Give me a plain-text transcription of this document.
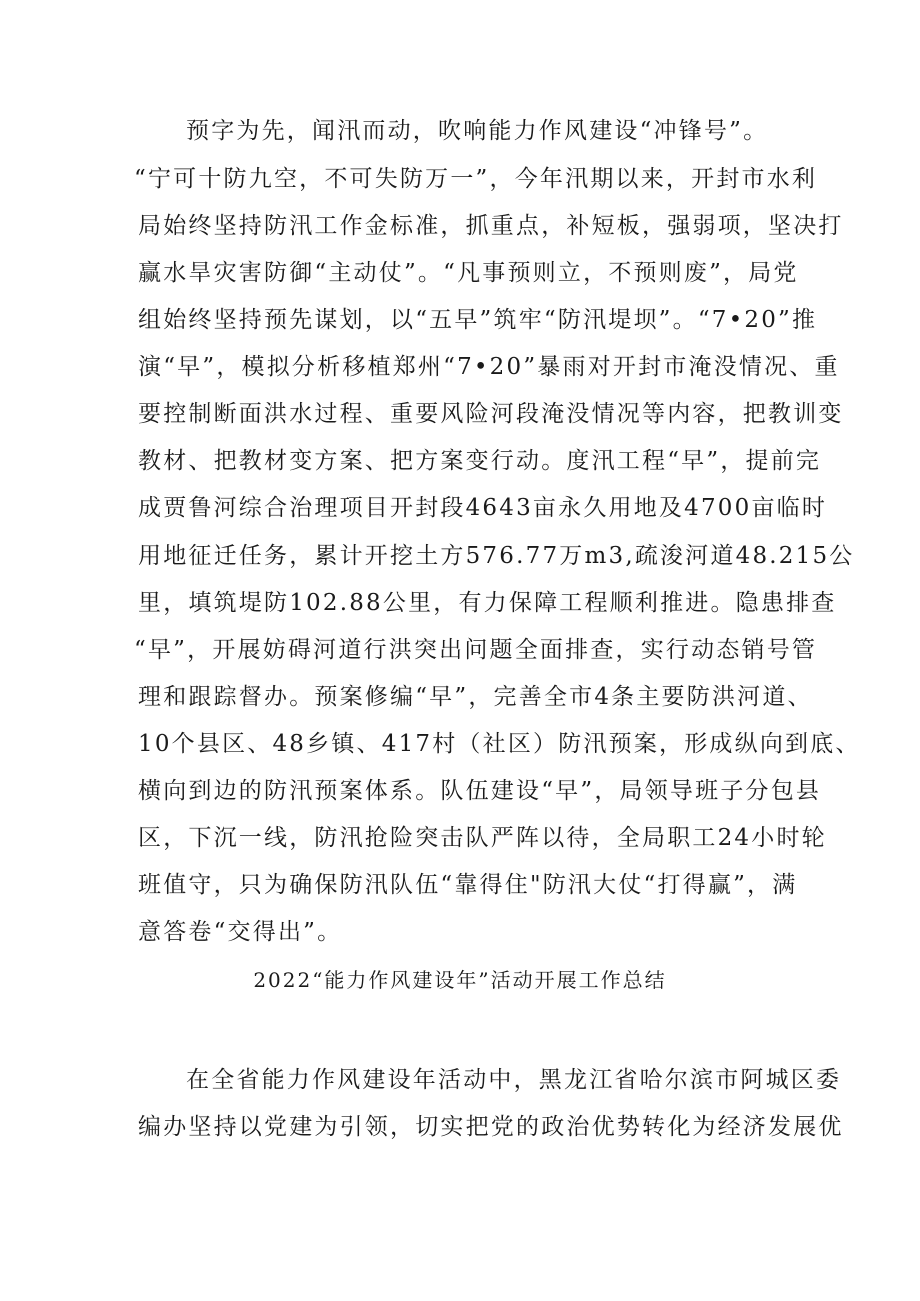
预字为先，闻汛而动，吹响能力作风建设“冲锋号”。
“宁可十防九空，不可失防万一”，今年汛期以来，开封市水利
局始终坚持防汛工作金标准，抓重点，补短板，强弱项，坚决打
赢水旱灾害防御“主动仗”。“凡事预则立，不预则废”，局党
组始终坚持预先谋划，以“五早”筑牢“防汛堤坝”。“7•20”推
演“早”，模拟分析移植郑州“7•20”暴雨对开封市淹没情况、重
要控制断面洪水过程、重要风险河段淹没情况等内容，把教训变
教材、把教材变方案、把方案变行动。度汛工程“早”，提前完
成贾鲁河综合治理项目开封段4643亩永久用地及4700亩临时
用地征迁任务，累计开挖土方576.77万m3,疏浚河道48.215公
里，填筑堤防102.88公里，有力保障工程顺利推进。隐患排查
“早”，开展妨碍河道行洪突出问题全面排查，实行动态销号管
理和跟踪督办。预案修编“早”，完善全市4条主要防洪河道、
10个县区、48乡镇、417村（社区）防汛预案，形成纵向到底、
横向到边的防汛预案体系。队伍建设“早”，局领导班子分包县
区，下沉一线，防汛抢险突击队严阵以待，全局职工24小时轮
班值守，只为确保防汛队伍“靠得住"防汛大仗“打得赢”，满
意答卷“交得出”。
2022“能力作风建设年”活动开展工作总结
在全省能力作风建设年活动中，黑龙江省哈尔滨市阿城区委
编办坚持以党建为引领，切实把党的政治优势转化为经济发展优
